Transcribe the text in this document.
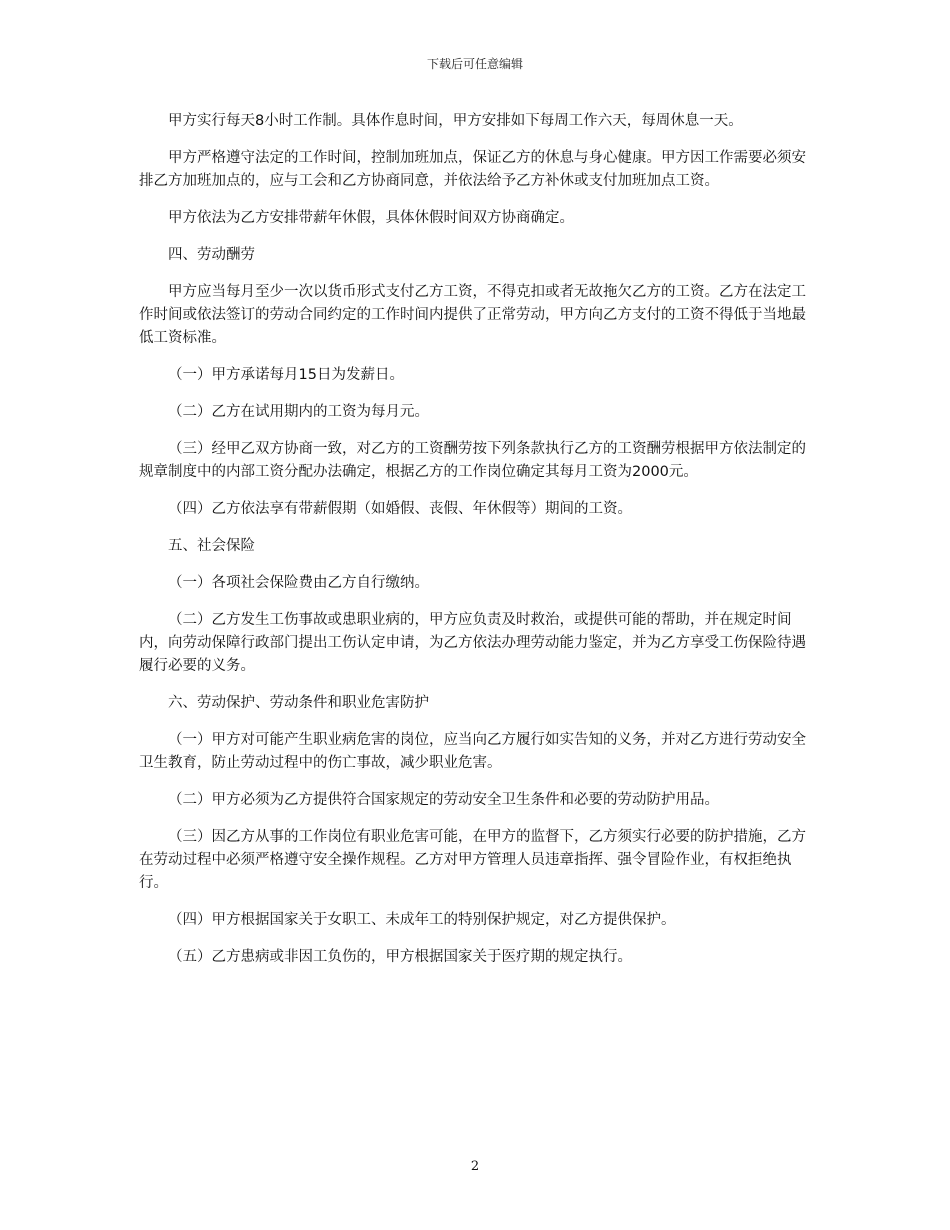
下载后可任意编辑

甲方实行每天8小时工作制。具体作息时间，甲方安排如下每周工作六天，每周休息一天。

甲方严格遵守法定的工作时间，控制加班加点，保证乙方的休息与身心健康。甲方因工作需要必须安排乙方加班加点的，应与工会和乙方协商同意，并依法给予乙方补休或支付加班加点工资。

甲方依法为乙方安排带薪年休假，具体休假时间双方协商确定。

四、劳动酬劳

甲方应当每月至少一次以货币形式支付乙方工资，不得克扣或者无故拖欠乙方的工资。乙方在法定工作时间或依法签订的劳动合同约定的工作时间内提供了正常劳动，甲方向乙方支付的工资不得低于当地最低工资标准。

（一）甲方承诺每月15日为发薪日。

（二）乙方在试用期内的工资为每月元。

（三）经甲乙双方协商一致，对乙方的工资酬劳按下列条款执行乙方的工资酬劳根据甲方依法制定的规章制度中的内部工资分配办法确定，根据乙方的工作岗位确定其每月工资为2000元。

（四）乙方依法享有带薪假期（如婚假、丧假、年休假等）期间的工资。

五、社会保险

（一）各项社会保险费由乙方自行缴纳。

（二）乙方发生工伤事故或患职业病的，甲方应负责及时救治，或提供可能的帮助，并在规定时间内，向劳动保障行政部门提出工伤认定申请，为乙方依法办理劳动能力鉴定，并为乙方享受工伤保险待遇履行必要的义务。

六、劳动保护、劳动条件和职业危害防护

（一）甲方对可能产生职业病危害的岗位，应当向乙方履行如实告知的义务，并对乙方进行劳动安全卫生教育，防止劳动过程中的伤亡事故，减少职业危害。

（二）甲方必须为乙方提供符合国家规定的劳动安全卫生条件和必要的劳动防护用品。

（三）因乙方从事的工作岗位有职业危害可能，在甲方的监督下，乙方须实行必要的防护措施，乙方在劳动过程中必须严格遵守安全操作规程。乙方对甲方管理人员违章指挥、强令冒险作业，有权拒绝执行。

（四）甲方根据国家关于女职工、未成年工的特别保护规定，对乙方提供保护。

（五）乙方患病或非因工负伤的，甲方根据国家关于医疗期的规定执行。

2
